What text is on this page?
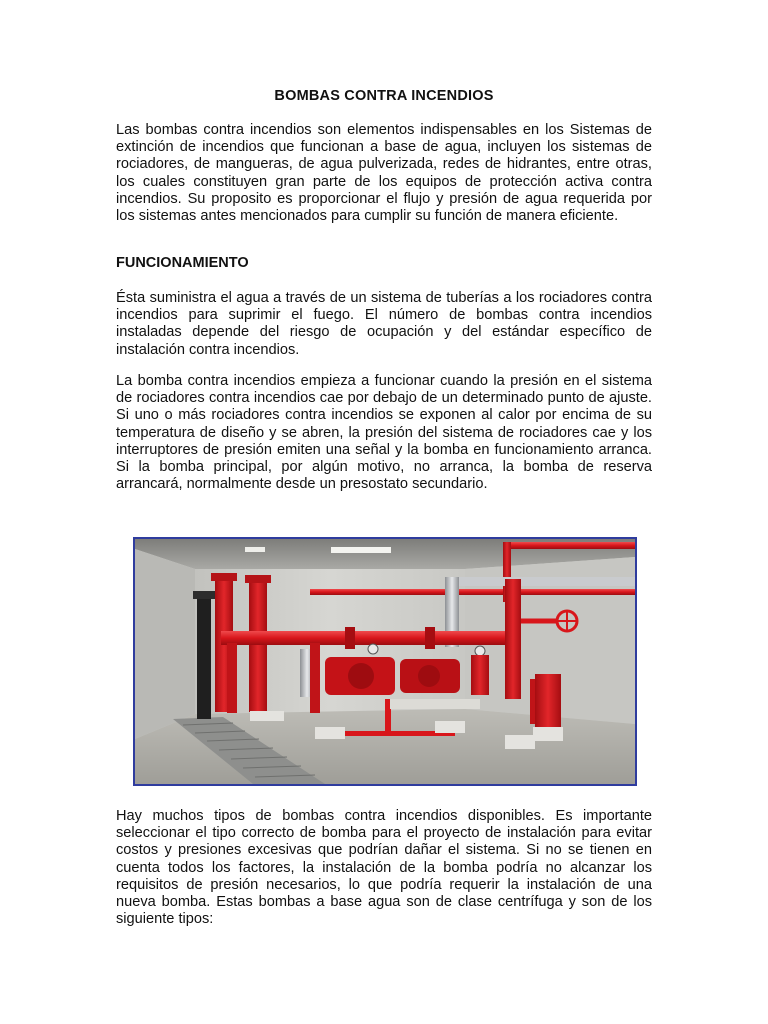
BOMBAS CONTRA INCENDIOS

Las bombas contra incendios son elementos indispensables en los Sistemas de extinción de incendios que funcionan a base de agua, incluyen los sistemas de rociadores, de mangueras, de agua pulverizada, redes de hidrantes, entre otras, los cuales constituyen gran parte de los equipos de protección activa contra incendios. Su proposito es proporcionar el flujo y presión de agua requerida por los sistemas antes mencionados para cumplir su función de manera eficiente.

FUNCIONAMIENTO

Ésta suministra el agua a través de un sistema de tuberías a los rociadores contra incendios para suprimir el fuego. El número de bombas contra incendios instaladas depende del riesgo de ocupación y del estándar específico de instalación contra incendios.

La bomba contra incendios empieza a funcionar cuando la presión en el sistema de rociadores contra incendios cae por debajo de un determinado punto de ajuste. Si uno o más rociadores contra incendios se exponen al calor por encima de su temperatura de diseño y se abren, la presión del sistema de rociadores cae y los interruptores de presión emiten una señal y la bomba en funcionamiento arranca. Si la bomba principal, por algún motivo, no arranca, la bomba de reserva arrancará, normalmente desde un presostato secundario.

Hay muchos tipos de bombas contra incendios disponibles. Es importante seleccionar el tipo correcto de bomba para el proyecto de instalación para evitar costos y presiones excesivas que podrían dañar el sistema. Si no se tienen en cuenta todos los factores, la instalación de la bomba podría no alcanzar los requisitos de presión necesarios, lo que podría requerir la instalación de una nueva bomba. Estas bombas a base agua son de clase centrífuga y son de los siguiente tipos:
